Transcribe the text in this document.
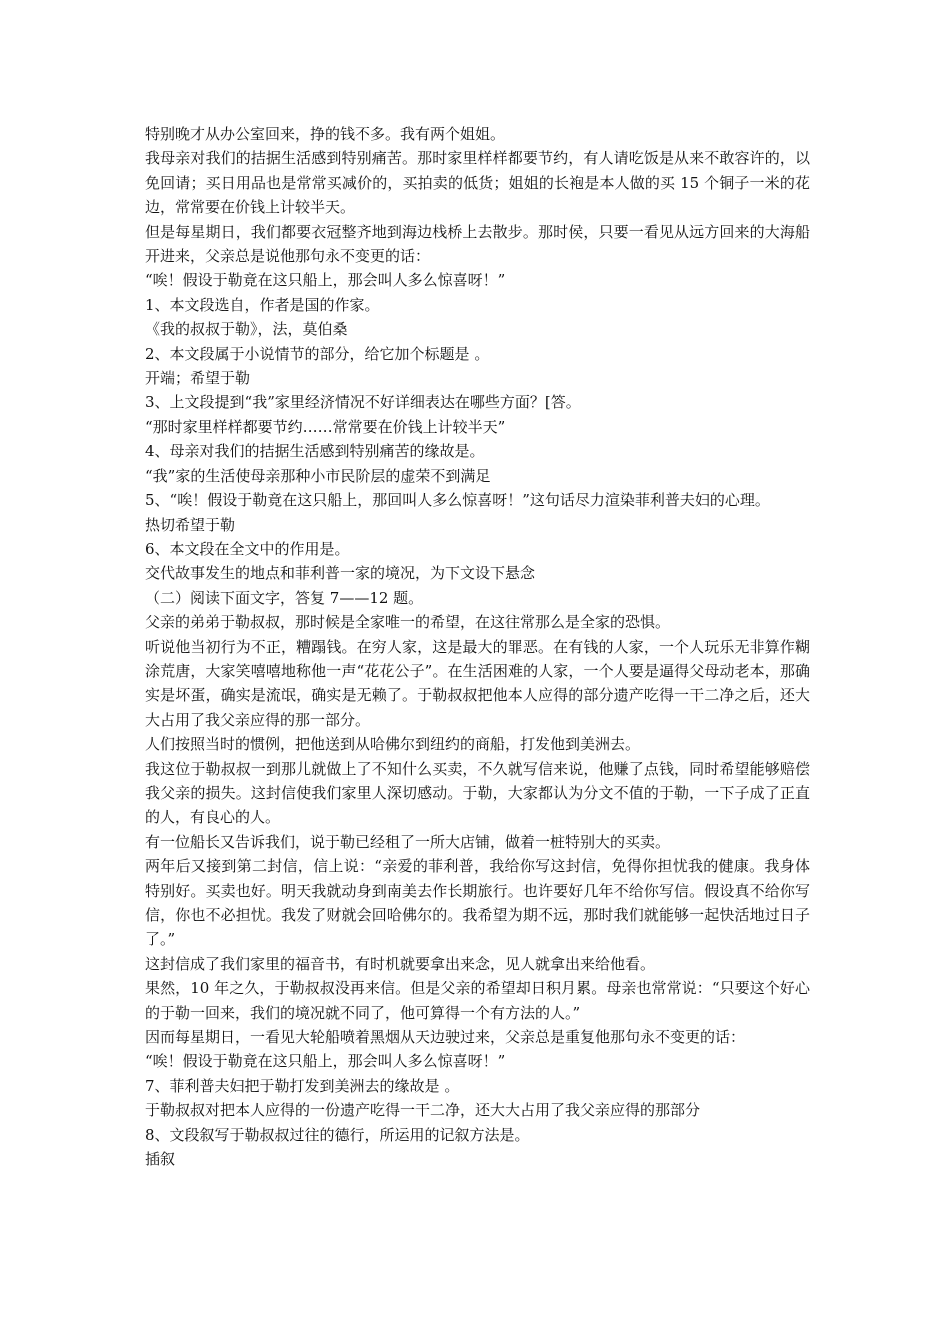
特别晚才从办公室回来，挣的钱不多。我有两个姐姐。

我母亲对我们的拮据生活感到特别痛苦。那时家里样样都要节约，有人请吃饭是从来不敢容许的，以免回请；买日用品也是常常买减价的，买拍卖的低货；姐姐的长袍是本人做的买 15 个铜子一米的花边，常常要在价钱上计较半天。

但是每星期日，我们都要衣冠整齐地到海边栈桥上去散步。那时侯，只要一看见从远方回来的大海船开进来，父亲总是说他那句永不变更的话：

“唉！假设于勒竟在这只船上，那会叫人多么惊喜呀！”

1、本文段选自，作者是国的作家。

《我的叔叔于勒》，法，莫伯桑

2、本文段属于小说情节的部分，给它加个标题是 。

开端；希望于勒

3、上文段提到“我”家里经济情况不好详细表达在哪些方面？[答。

“那时家里样样都要节约……常常要在价钱上计较半天”

4、母亲对我们的拮据生活感到特别痛苦的缘故是。

“我”家的生活使母亲那种小市民阶层的虚荣不到满足

5、“唉！假设于勒竟在这只船上，那回叫人多么惊喜呀！”这句话尽力渲染菲利普夫妇的心理。

热切希望于勒

6、本文段在全文中的作用是。

交代故事发生的地点和菲利普一家的境况，为下文设下悬念

（二）阅读下面文字，答复 7——12 题。

父亲的弟弟于勒叔叔，那时候是全家唯一的希望，在这往常那么是全家的恐惧。

听说他当初行为不正，糟蹋钱。在穷人家，这是最大的罪恶。在有钱的人家，一个人玩乐无非算作糊涂荒唐，大家笑嘻嘻地称他一声“花花公子”。在生活困难的人家，一个人要是逼得父母动老本，那确实是坏蛋，确实是流氓，确实是无赖了。于勒叔叔把他本人应得的部分遗产吃得一干二净之后，还大大占用了我父亲应得的那一部分。

人们按照当时的惯例，把他送到从哈佛尔到纽约的商船，打发他到美洲去。

我这位于勒叔叔一到那儿就做上了不知什么买卖，不久就写信来说，他赚了点钱，同时希望能够赔偿我父亲的损失。这封信使我们家里人深切感动。于勒，大家都认为分文不值的于勒，一下子成了正直的人，有良心的人。

有一位船长又告诉我们，说于勒已经租了一所大店铺，做着一桩特别大的买卖。

两年后又接到第二封信，信上说：“亲爱的菲利普，我给你写这封信，免得你担忧我的健康。我身体特别好。买卖也好。明天我就动身到南美去作长期旅行。也许要好几年不给你写信。假设真不给你写信，你也不必担忧。我发了财就会回哈佛尔的。我希望为期不远，那时我们就能够一起快活地过日子了。”

这封信成了我们家里的福音书，有时机就要拿出来念，见人就拿出来给他看。

果然，10 年之久，于勒叔叔没再来信。但是父亲的希望却日积月累。母亲也常常说：“只要这个好心的于勒一回来，我们的境况就不同了，他可算得一个有方法的人。”

因而每星期日，一看见大轮船喷着黑烟从天边驶过来，父亲总是重复他那句永不变更的话：

“唉！假设于勒竟在这只船上，那会叫人多么惊喜呀！”

7、菲利普夫妇把于勒打发到美洲去的缘故是 。

于勒叔叔对把本人应得的一份遗产吃得一干二净，还大大占用了我父亲应得的那部分

8、文段叙写于勒叔叔过往的德行，所运用的记叙方法是。

插叙
